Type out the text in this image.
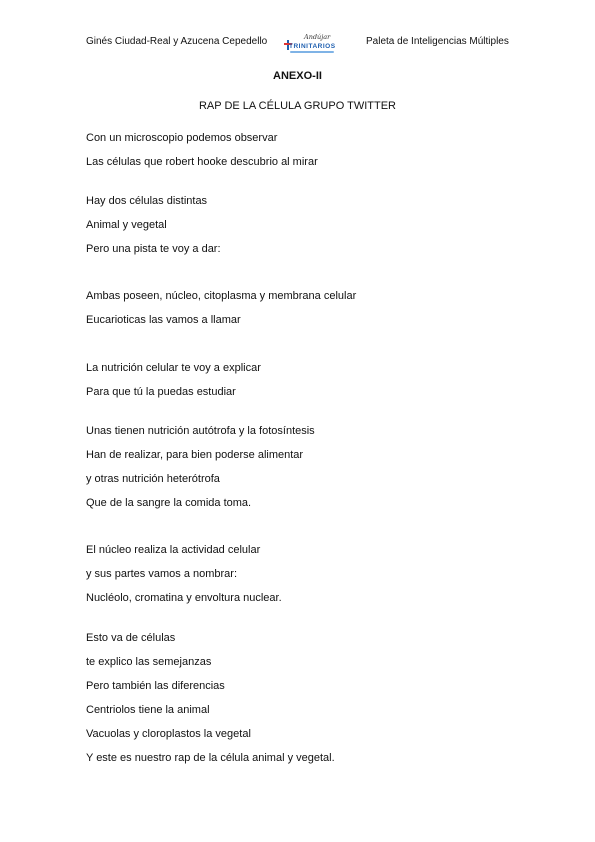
Ginés Ciudad-Real y Azucena Cepedello	Andújar
TRINITARIOS	Paleta de Inteligencias Múltiples
ANEXO-II
RAP DE LA CÉLULA GRUPO TWITTER
Con un microscopio podemos observar
Las células que robert hooke descubrio al mirar
Hay dos células distintas
Animal y vegetal
Pero una pista te voy a dar:
Ambas poseen, núcleo, citoplasma y membrana celular
Eucarioticas las vamos a llamar
La nutrición celular te voy a explicar
Para que tú la puedas estudiar
Unas tienen nutrición autótrofa y la fotosíntesis
Han de realizar, para bien poderse alimentar
y otras nutrición heterótrofa
Que de la sangre la comida toma.
El núcleo realiza la actividad celular
y sus partes vamos a nombrar:
Nucléolo, cromatina y envoltura nuclear.
Esto va de células
te explico las semejanzas
Pero también las diferencias
Centriolos tiene la animal
Vacuolas y cloroplastos la vegetal
Y este es nuestro rap de la célula animal y vegetal.
